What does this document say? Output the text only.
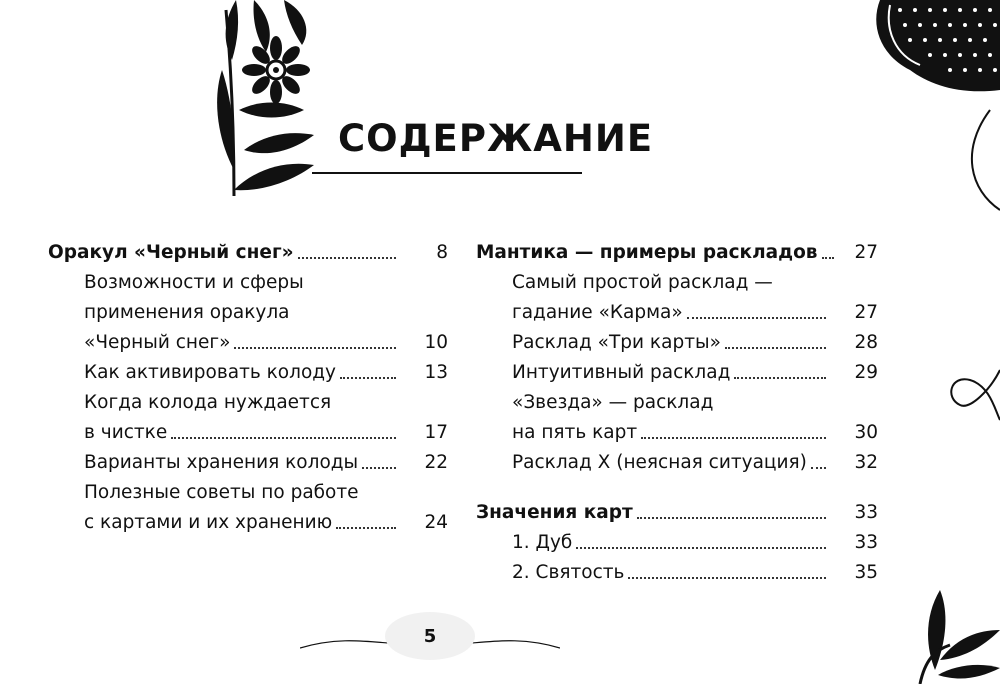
СОДЕРЖАНИЕ
Оракул «Черный снег»	8
Возможности и сферы
применения оракула
«Черный снег»	10
Как активировать колоду	13
Когда колода нуждается
в чистке	17
Варианты хранения колоды	22
Полезные советы по работе
с картами и их хранению	24
Мантика — примеры раскладов 27
Самый простой расклад —
гадание «Карма»	27
Расклад «Три карты»	28
Интуитивный расклад	29
«Звезда» — расклад
на пять карт	30
Расклад X (неясная ситуация)	32
Значения карт	33
1. Дуб	33
2. Святость	35
5
